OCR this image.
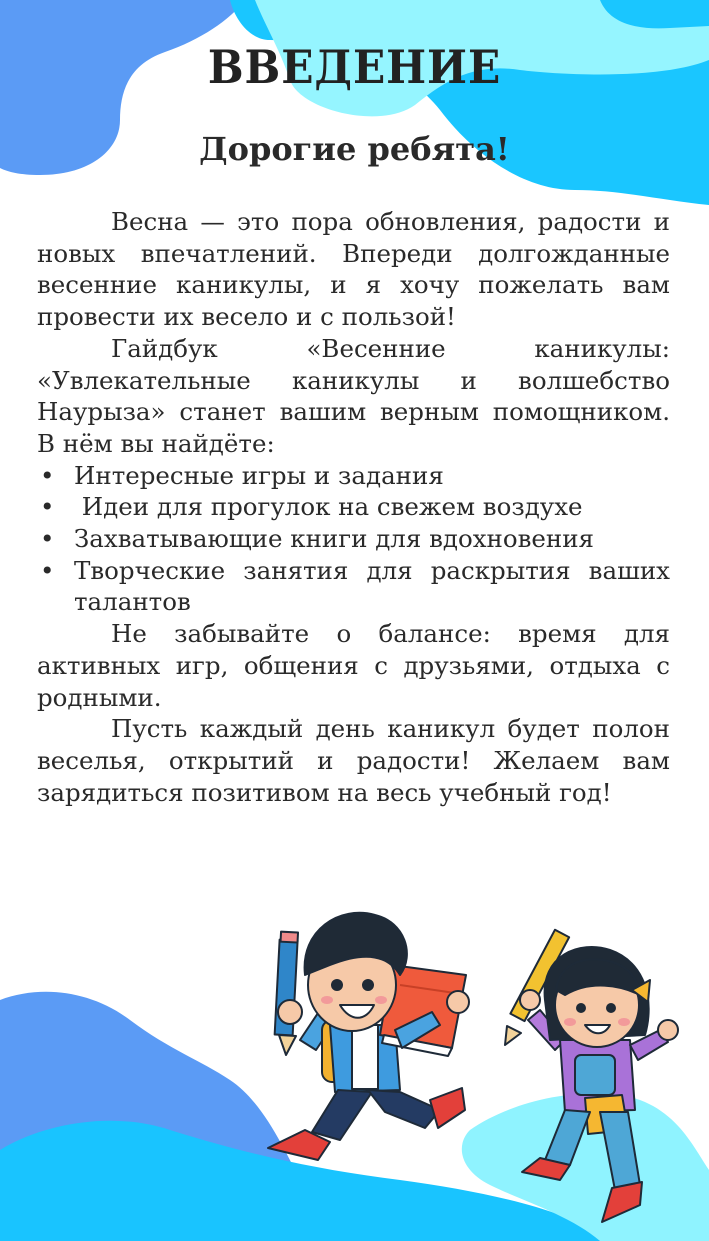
ВВЕДЕНИЕ
Дорогие ребята!

Весна — это пора обновления, радости и новых впечатлений. Впереди долгожданные весенние каникулы, и я хочу пожелать вам провести их весело и с пользой!

Гайдбук «Весенние каникулы: «Увлекательные каникулы и волшебство Наурыза» станет вашим верным помощником. В нём вы найдёте:

• Интересные игры и задания
• Идеи для прогулок на свежем воздухе
• Захватывающие книги для вдохновения
• Творческие занятия для раскрытия ваших талантов

Не забывайте о балансе: время для активных игр, общения с друзьями, отдыха с родными.

Пусть каждый день каникул будет полон веселья, открытий и радости! Желаем вам зарядиться позитивом на весь учебный год!
